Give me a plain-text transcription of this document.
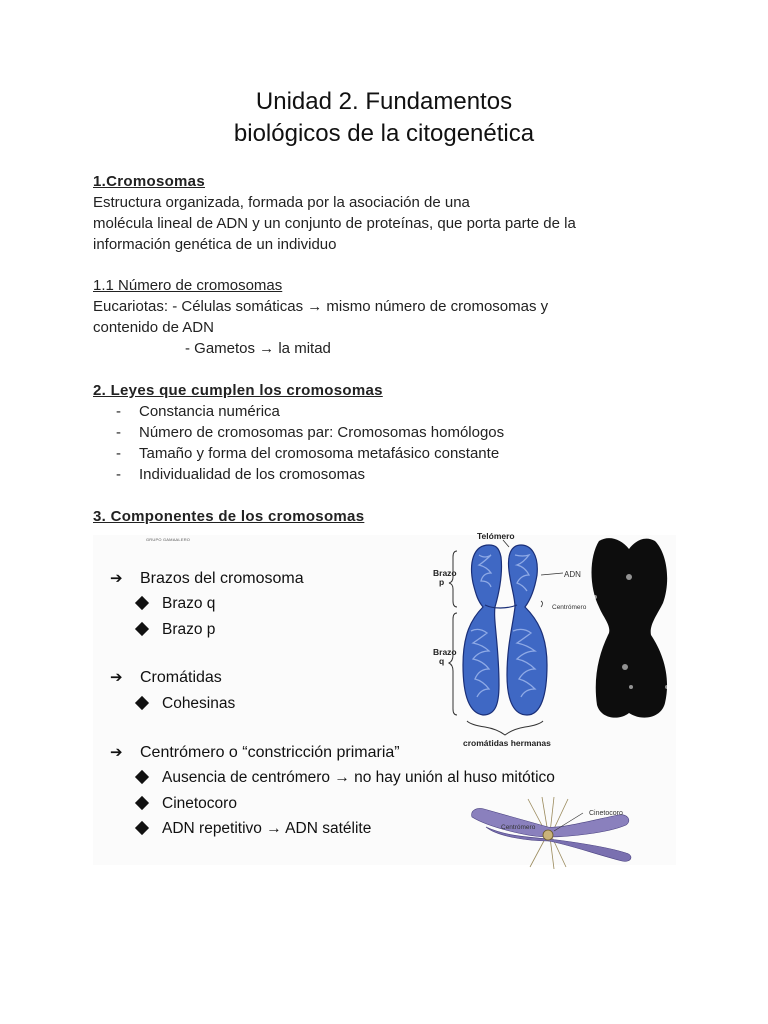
Unidad 2. Fundamentos
biológicos de la citogenética
1.Cromosomas
Estructura organizada, formada por la asociación de una
molécula lineal de ADN y un conjunto de proteínas, que porta parte de la
información genética de un individuo
1.1 Número de cromosomas
Eucariotas: - Células somáticas → mismo número de cromosomas y
contenido de ADN
- Gametos → la mitad
2. Leyes que cumplen los cromosomas
- Constancia numérica
- Número de cromosomas par: Cromosomas homólogos
- Tamaño y forma del cromosoma metafásico constante
- Individualidad de los cromosomas
3. Componentes de los cromosomas
GRUPO GAMAALERO
➔ Brazos del cromosoma
Brazo q
Brazo p
➔ Cromátidas
Cohesinas
➔ Centrómero o “constricción primaria”
Ausencia de centrómero → no hay unión al huso mitótico
Cinetocoro
ADN repetitivo → ADN satélite
Telómero
Brazo
p
Brazo
q
ADN
Centrómero
cromátidas hermanas
Cinetocoro
Centrómero
